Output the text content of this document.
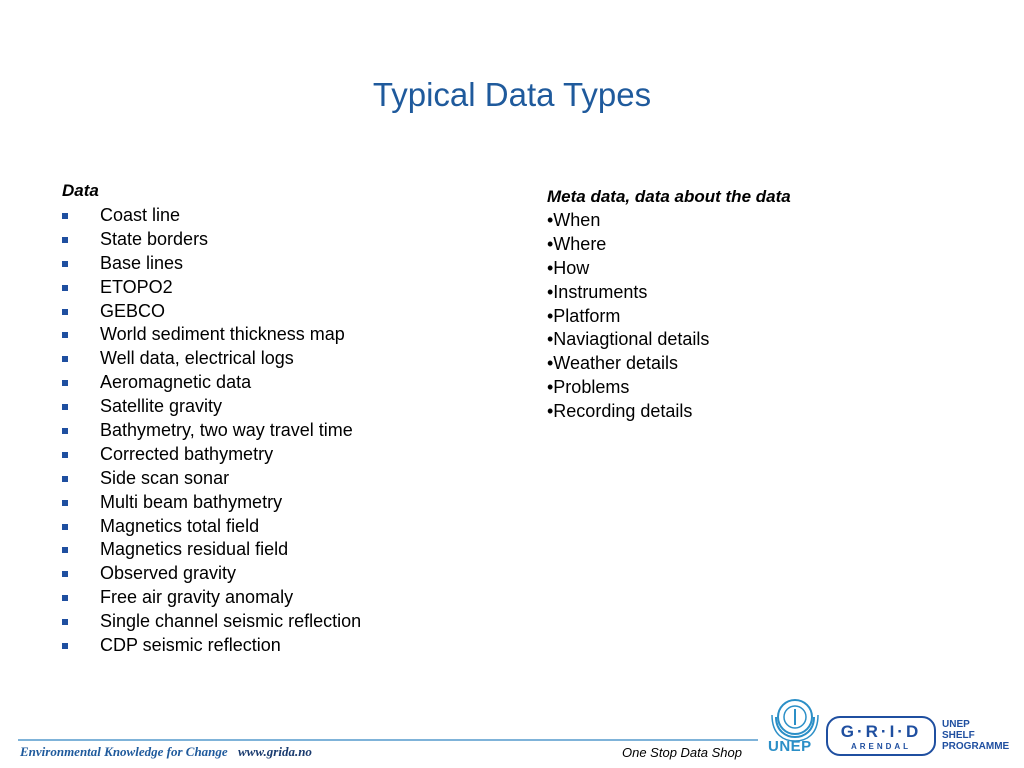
Typical Data Types
Data
Coast line
State borders
Base lines
ETOPO2
GEBCO
World sediment thickness map
Well data, electrical logs
Aeromagnetic data
Satellite gravity
Bathymetry, two way travel time
Corrected bathymetry
Side scan sonar
Multi beam bathymetry
Magnetics total field
Magnetics residual field
Observed gravity
Free air gravity anomaly
Single channel seismic reflection
CDP seismic reflection
Meta data, data about the data
•When
•Where
•How
•Instruments
•Platform
•Naviagtional details
•Weather details
•Problems
•Recording details
Environmental Knowledge for Change www.grida.no	One Stop Data Shop UNEP
G·R·I·D
ARENDAL
UNEP
SHELF
PROGRAMME
